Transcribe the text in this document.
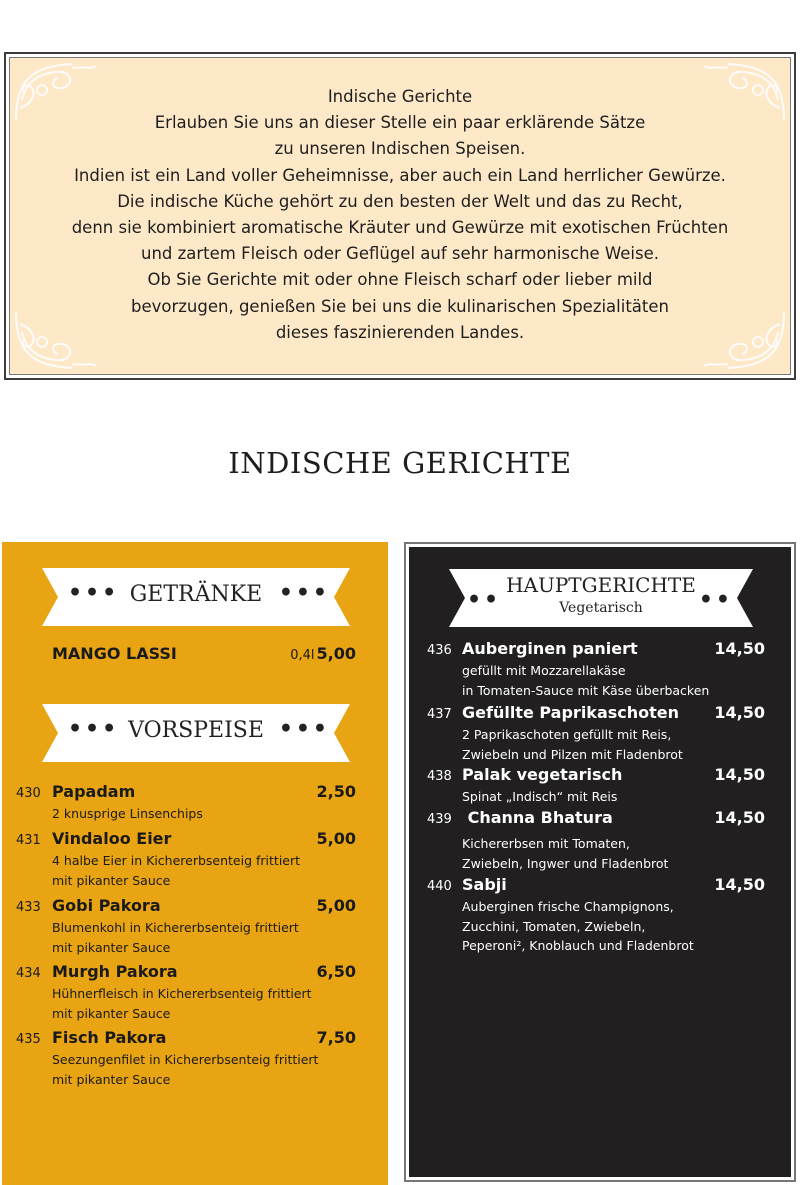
Indische Gerichte
Erlauben Sie uns an dieser Stelle ein paar erklärende Sätze
zu unseren Indischen Speisen.
Indien ist ein Land voller Geheimnisse, aber auch ein Land herrlicher Gewürze.
Die indische Küche gehört zu den besten der Welt und das zu Recht,
denn sie kombiniert aromatische Kräuter und Gewürze mit exotischen Früchten
und zartem Fleisch oder Geflügel auf sehr harmonische Weise.
Ob Sie Gerichte mit oder ohne Fleisch scharf oder lieber mild
bevorzugen, genießen Sie bei uns die kulinarischen Spezialitäten
dieses faszinierenden Landes.
INDISCHE GERICHTE
•••	•••
GETRÄNKE
MANGO LASSI	0,4l 5,00
•••	•••
VORSPEISE
430 Papadam	2,50
2 knusprige Linsenchips
431 Vindaloo Eier	5,00
4 halbe Eier in Kichererbsenteig frittiert
mit pikanter Sauce
433 Gobi Pakora	5,00
Blumenkohl in Kichererbsenteig frittiert
mit pikanter Sauce
434 Murgh Pakora	6,50
Hühnerfleisch in Kichererbsenteig frittiert
mit pikanter Sauce
435 Fisch Pakora	7,50
Seezungenfilet in Kichererbsenteig frittiert
mit pikanter Sauce
••	••
HAUPTGERICHTE
Vegetarisch
436 Auberginen paniert	14,50
gefüllt mit Mozzarellakäse
in Tomaten-Sauce mit Käse überbacken
437 Gefüllte Paprikaschoten 14,50
2 Paprikaschoten gefüllt mit Reis,
Zwiebeln und Pilzen mit Fladenbrot
438 Palak vegetarisch	14,50
Spinat „Indisch“ mit Reis
439 Channa Bhatura	14,50
Kichererbsen mit Tomaten,
Zwiebeln, Ingwer und Fladenbrot
440 Sabji	14,50
Auberginen frische Champignons,
Zucchini, Tomaten, Zwiebeln,
Peperoni², Knoblauch und Fladenbrot
